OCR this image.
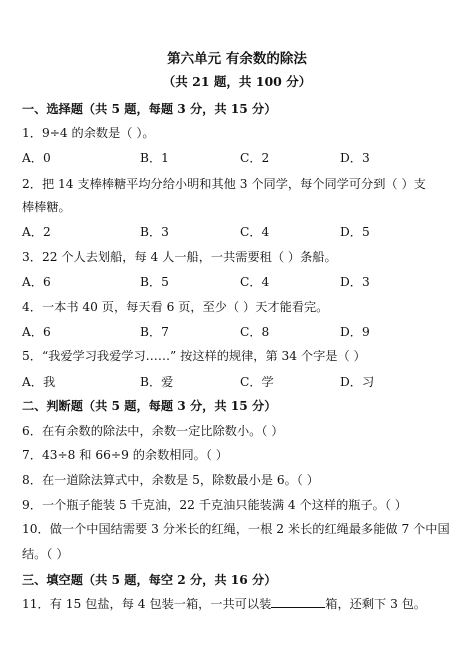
第六单元 有余数的除法
（共 21 题，共 100 分）
一、选择题（共 5 题，每题 3 分，共 15 分）
1．9÷4 的余数是（ ）。
A．0	B．1	C．2	D．3
2．把 14 支棒棒糖平均分给小明和其他 3 个同学，每个同学可分到（ ）支
棒棒糖。
A．2	B．3	C．4	D．5
3．22 个人去划船，每 4 人一船，一共需要租（ ）条船。
A．6	B．5	C．4	D．3
4．一本书 40 页，每天看 6 页，至少（ ）天才能看完。
A．6	B．7	C．8	D．9
5．“我爱学习我爱学习……” 按这样的规律，第 34 个字是（ ）
A．我	B．爱	C．学	D．习
二、判断题（共 5 题，每题 3 分，共 15 分）
6．在有余数的除法中，余数一定比除数小。（ ）
7．43÷8 和 66÷9 的余数相同。（ ）
8．在一道除法算式中，余数是 5，除数最小是 6。（ ）
9．一个瓶子能装 5 千克油，22 千克油只能装满 4 个这样的瓶子。（ ）
10．做一个中国结需要 3 分米长的红绳，一根 2 米长的红绳最多能做 7 个中国
结。（ ）
三、填空题（共 5 题，每空 2 分，共 16 分）
11．有 15 包盐，每 4 包装一箱，一共可以装	箱，还剩下 3 包。
